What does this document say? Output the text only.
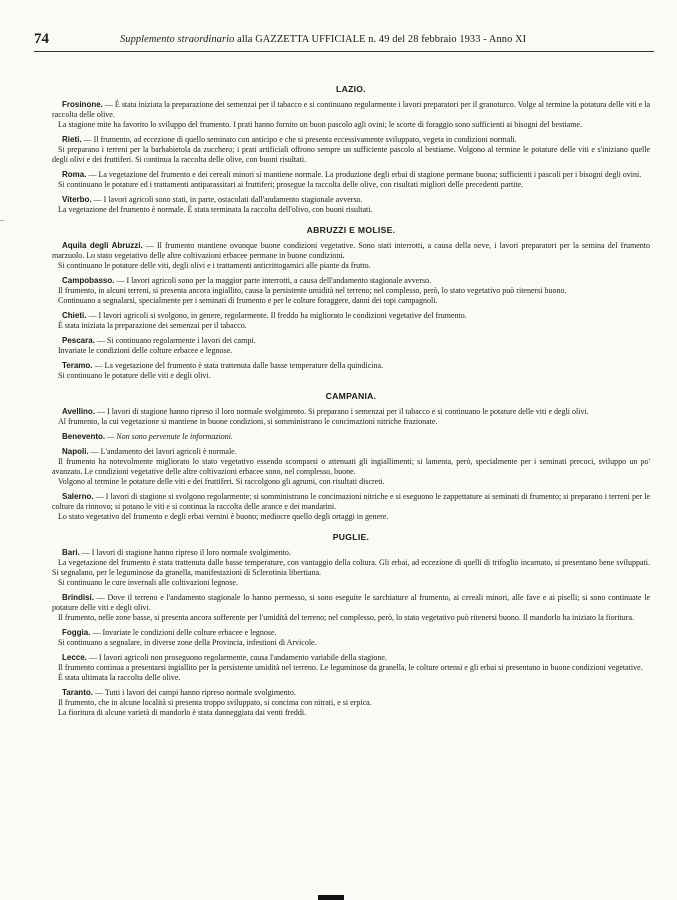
74	Supplemento straordinario alla GAZZETTA UFFICIALE n. 49 del 28 febbraio 1933 - Anno XI
–
LAZIO.

Frosinone. — È stata iniziata la preparazione dei semenzai per il tabacco e si continuano regolarmente i lavori preparatori per il granoturco. Volge al termine la potatura delle viti e la raccolta delle olive.

La stagione mite ha favorito lo sviluppo del frumento. I prati hanno fornito un buon pascolo agli ovini; le scorte di foraggio sono sufficienti ai bisogni del bestiame.

Rieti. — Il frumento, ad eccezione di quello seminato con anticipo e che si presenta eccessivamente sviluppato, vegeta in condizioni normali.

Si preparano i terreni per la barbabietola da zucchero; i prati artificiali offrono sempre un sufficiente pascolo al bestiame. Volgono al termine le potature delle viti e s'iniziano quelle degli olivi e dei fruttiferi. Si continua la raccolta delle olive, con buoni risultati.

Roma. — La vegetazione del frumento e dei cereali minori si mantiene normale. La produzione degli erbai di stagione permane buona; sufficienti i pascoli per i bisogni degli ovini.

Si continuano le potature ed i trattamenti antiparassitari ai fruttiferi; prosegue la raccolta delle olive, con risultati migliori delle precedenti partite.

Viterbo. — I lavori agricoli sono stati, in parte, ostacolati dall'andamento stagionale avverso.

La vegetazione del frumento è normale. È stata terminata la raccolta dell'olivo, con buoni risultati.

ABRUZZI E MOLISE.

Aquila degli Abruzzi. — Il frumento mantiene ovunque buone condizioni vegetative. Sono stati interrotti, a causa della neve, i lavori preparatori per la semina del frumento marzuolo. Lo stato vegetativo delle altre coltivazioni erbacee permane in buone condizioni.

Si continuano le potature delle viti, degli olivi e i trattamenti anticrittogamici alle piante da frutto.

Campobasso. — I lavori agricoli sono per la maggior parte interrotti, a causa dell'andamento stagionale avverso.

Il frumento, in alcuni terreni, si presenta ancora ingiallito, causa la persistente umidità nel terreno; nel complesso, però, lo stato vegetativo può ritenersi buono.

Continuano a segnalarsi, specialmente per i seminati di frumento e per le colture foraggere, danni dei topi campagnoli.

Chieti. — I lavori agricoli si svolgono, in genere, regolarmente. Il freddo ha migliorato le condizioni vegetative del frumento.

È stata iniziata la preparazione dei semenzai per il tabacco.

Pescara. — Si continuano regolarmente i lavori dei campi.

Invariate le condizioni delle colture erbacee e legnose.

Teramo. — La vegetazione del frumento è stata trattenuta dalle basse temperature della quindicina.

Si continuano le potature delle viti e degli olivi.

CAMPANIA.

Avellino. — I lavori di stagione hanno ripreso il loro normale svolgimento. Si preparano i semenzai per il tabacco e si continuano le potature delle viti e degli olivi.

Al frumento, la cui vegetazione si mantiene in buone condizioni, si somministrano le concimazioni nitriche frazionate.

Benevento. — Non sono pervenute le informazioni.

Napoli. — L'andamento dei lavori agricoli è normale.

Il frumento ha notevolmente migliorato lo stato vegetativo essendo scomparsi o attenuati gli ingiallimenti; si lamenta, però, specialmente per i seminati precoci, sviluppo un po' avanzato. Le condizioni vegetative delle altre coltivazioni erbacee sono, nel complesso, buone.

Volgono al termine le potature delle viti e dei fruttiferi. Si raccolgono gli agrumi, con risultati discreti.

Salerno. — I lavori di stagione si svolgono regolarmente; si somministrano le concimazioni nitriche e si eseguono le zappettature ai seminati di frumento; si preparano i terreni per le colture da rinnovo; si potano le viti e si continua la raccolta delle arance e dei mandarini.

Lo stato vegetativo del frumento e degli erbai vernini è buono; mediocre quello degli ortaggi in genere.

PUGLIE.

Bari. — I lavori di stagione hanno ripreso il loro normale svolgimento.

La vegetazione del frumento è stata trattenuta dalle basse temperature, con vantaggio della coltura. Gli erbai, ad eccezione di quelli di trifoglio incarnato, si presentano bene sviluppati. Si segnalano, per le leguminose da granella, manifestazioni di Sclerotinia libertiana.

Si continuano le cure invernali alle coltivazioni legnose.

Brindisi. — Dove il terreno e l'andamento stagionale lo hanno permesso, si sono eseguite le sarchiature al frumento, ai cereali minori, alle fave e ai piselli; si sono continuate le potature delle viti e degli olivi.

Il frumento, nelle zone basse, si presenta ancora sofferente per l'umidità del terreno; nel complesso, però, lo stato vegetativo può ritenersi buono. Il mandorlo ha iniziato la fioritura.

Foggia. — Invariate le condizioni delle colture erbacee e legnose.

Si continuano a segnalare, in diverse zone della Provincia, infestioni di Arvicole.

Lecce. — I lavori agricoli non proseguono regolarmente, causa l'andamento variabile della stagione.

Il frumento continua a presentarsi ingiallito per la persistente umidità nel terreno. Le leguminose da granella, le colture ortensi e gli erbai si presentano in buone condizioni vegetative.

È stata ultimata la raccolta delle olive.

Taranto. — Tutti i lavori dei campi hanno ripreso normale svolgimento.

Il frumento, che in alcune località si presenta troppo sviluppato, si concima con nitrati, e si erpica.

La fioritura di alcune varietà di mandorlo è stata danneggiata dai venti freddi.
